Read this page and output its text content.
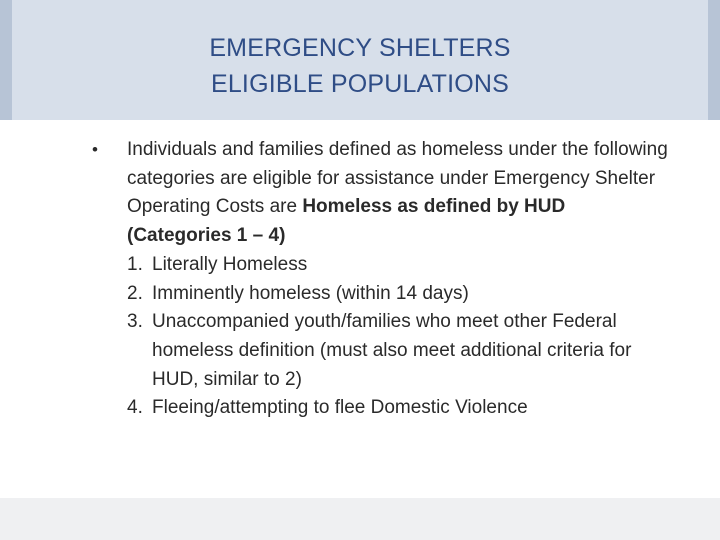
EMERGENCY SHELTERS
ELIGIBLE POPULATIONS
• Individuals and families defined as homeless under the following categories are eligible for assistance under Emergency Shelter Operating Costs are Homeless as defined by HUD (Categories 1 – 4)
1. Literally Homeless
2. Imminently homeless (within 14 days)
3. Unaccompanied youth/families who meet other Federal homeless definition (must also meet additional criteria for HUD, similar to 2)
4. Fleeing/attempting to flee Domestic Violence
